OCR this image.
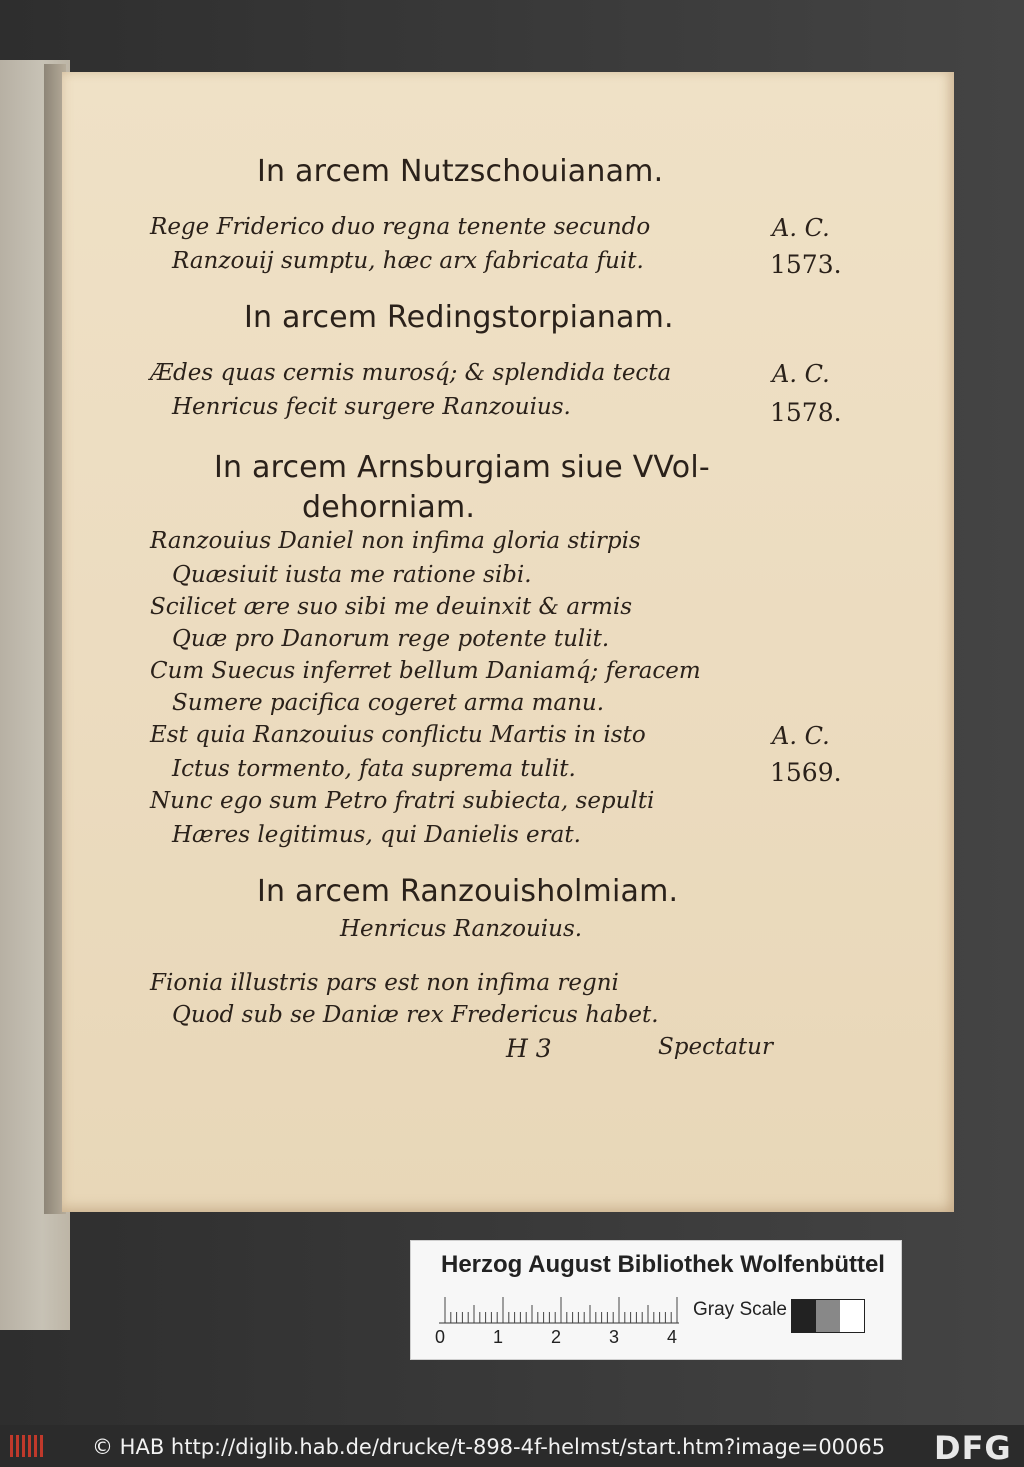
In arcem Nutzschouianam.
Rege Friderico duo regna tenente secundo
Ranzouij sumptu, hæc arx fabricata fuit.
A. C.
1573.
In arcem Redingstorpianam.
Ædes quas cernis murosq́; & splendida tecta
Henricus fecit surgere Ranzouius.
A. C.
1578.
In arcem Arnsburgiam siue VVol-
dehorniam.
Ranzouius Daniel non infima gloria stirpis
Quæsiuit iusta me ratione sibi.
Scilicet ære suo sibi me deuinxit & armis
Quæ pro Danorum rege potente tulit.
Cum Suecus inferret bellum Daniamq́; feracem
Sumere pacifica cogeret arma manu.
Est quia Ranzouius conflictu Martis in isto
Ictus tormento, fata suprema tulit.
Nunc ego sum Petro fratri subiecta, sepulti
Hæres legitimus, qui Danielis erat.
A. C.
1569.
In arcem Ranzouisholmiam.
Henricus Ranzouius.
Fionia illustris pars est non infima regni
Quod sub se Daniæ rex Fredericus habet.
H 3	Spectatur
Herzog August Bibliothek Wolfenbüttel
0	1	2	3	4
Gray Scale
© HAB http://diglib.hab.de/drucke/t-898-4f-helmst/start.htm?image=00065 DFG
